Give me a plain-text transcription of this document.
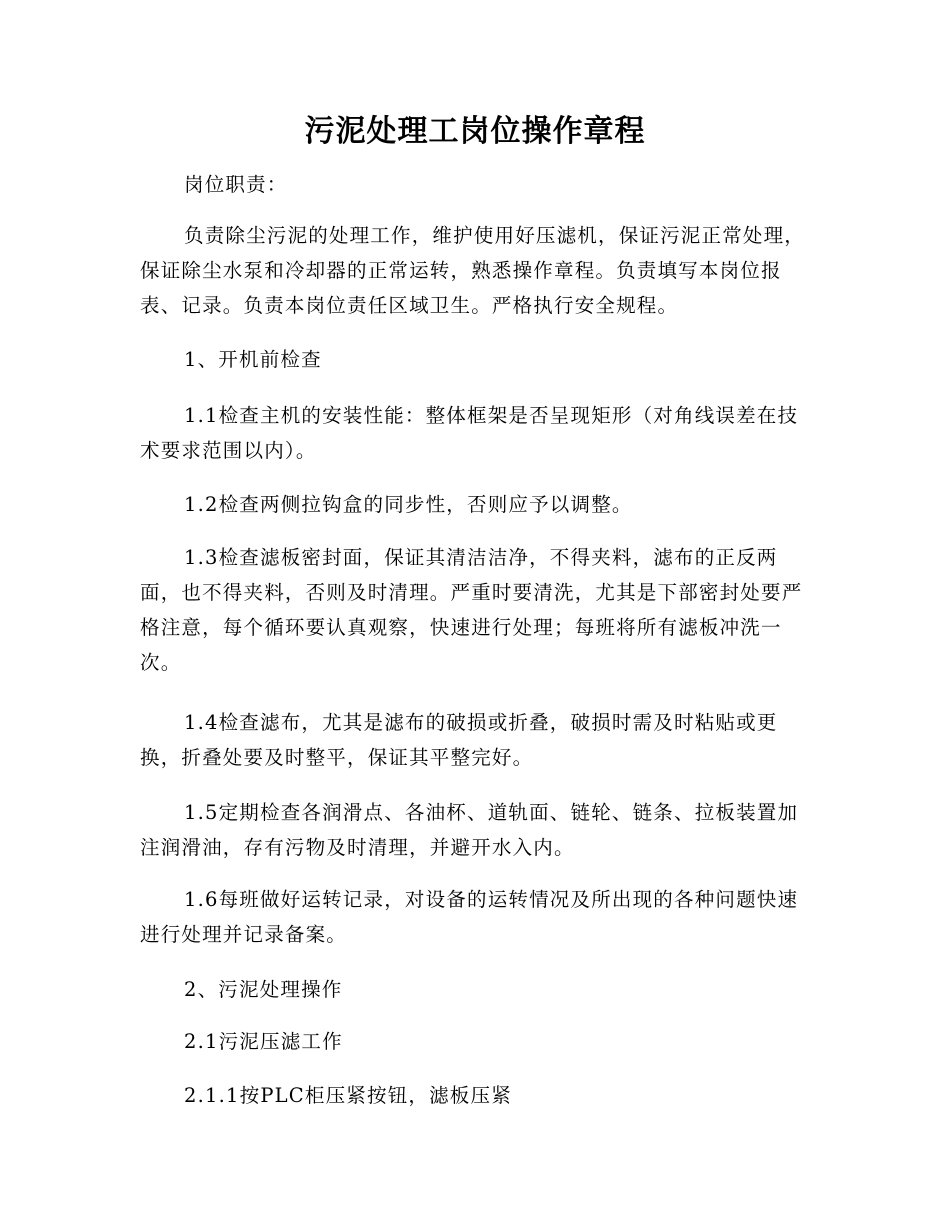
污泥处理工岗位操作章程

岗位职责：

负责除尘污泥的处理工作，维护使用好压滤机，保证污泥正常处理，保证除尘水泵和冷却器的正常运转，熟悉操作章程。负责填写本岗位报表、记录。负责本岗位责任区域卫生。严格执行安全规程。

1、开机前检查

1.1检查主机的安装性能：整体框架是否呈现矩形（对角线误差在技术要求范围以内）。

1.2检查两侧拉钩盒的同步性，否则应予以调整。

1.3检查滤板密封面，保证其清洁洁净，不得夹料，滤布的正反两面，也不得夹料，否则及时清理。严重时要清洗，尤其是下部密封处要严格注意，每个循环要认真观察，快速进行处理；每班将所有滤板冲洗一次。

1.4检查滤布，尤其是滤布的破损或折叠，破损时需及时粘贴或更换，折叠处要及时整平，保证其平整完好。

1.5定期检查各润滑点、各油杯、道轨面、链轮、链条、拉板装置加注润滑油，存有污物及时清理，并避开水入内。

1.6每班做好运转记录，对设备的运转情况及所出现的各种问题快速进行处理并记录备案。

2、污泥处理操作

2.1污泥压滤工作

2.1.1按PLC柜压紧按钮，滤板压紧
